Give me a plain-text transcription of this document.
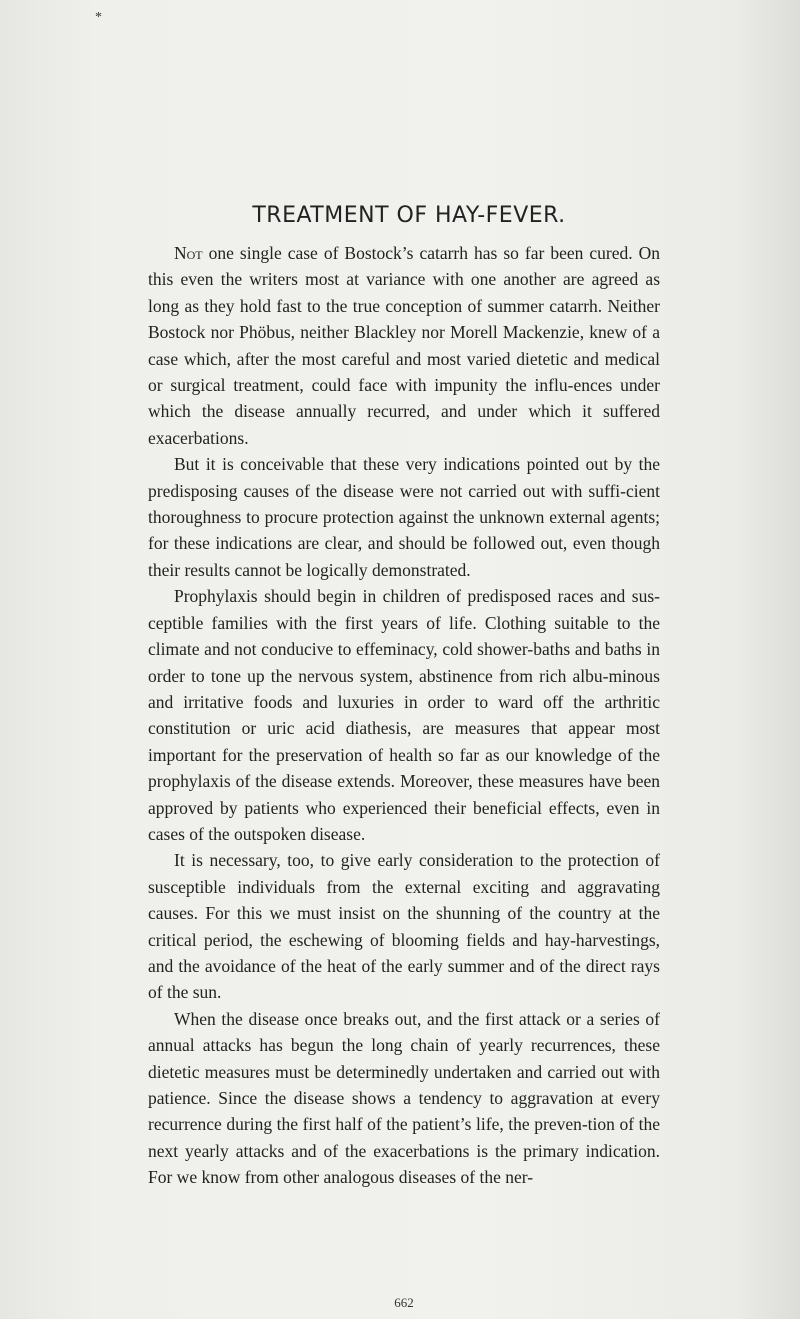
*
TREATMENT OF HAY-FEVER.

Not one single case of Bostock’s catarrh has so far been cured. On this even the writers most at variance with one another are agreed as long as they hold fast to the true conception of summer catarrh. Neither Bostock nor Phöbus, neither Blackley nor Morell Mackenzie, knew of a case which, after the most careful and most varied dietetic and medical or surgical treatment, could face with impunity the influ-ences under which the disease annually recurred, and under which it suffered exacerbations.

But it is conceivable that these very indications pointed out by the predisposing causes of the disease were not carried out with suffi-cient thoroughness to procure protection against the unknown external agents; for these indications are clear, and should be followed out, even though their results cannot be logically demonstrated.

Prophylaxis should begin in children of predisposed races and sus-ceptible families with the first years of life. Clothing suitable to the climate and not conducive to effeminacy, cold shower-baths and baths in order to tone up the nervous system, abstinence from rich albu-minous and irritative foods and luxuries in order to ward off the arthritic constitution or uric acid diathesis, are measures that appear most important for the preservation of health so far as our knowledge of the prophylaxis of the disease extends. Moreover, these measures have been approved by patients who experienced their beneficial effects, even in cases of the outspoken disease.

It is necessary, too, to give early consideration to the protection of susceptible individuals from the external exciting and aggravating causes. For this we must insist on the shunning of the country at the critical period, the eschewing of blooming fields and hay-harvestings, and the avoidance of the heat of the early summer and of the direct rays of the sun.

When the disease once breaks out, and the first attack or a series of annual attacks has begun the long chain of yearly recurrences, these dietetic measures must be determinedly undertaken and carried out with patience. Since the disease shows a tendency to aggravation at every recurrence during the first half of the patient’s life, the preven-tion of the next yearly attacks and of the exacerbations is the primary indication. For we know from other analogous diseases of the ner-

662
